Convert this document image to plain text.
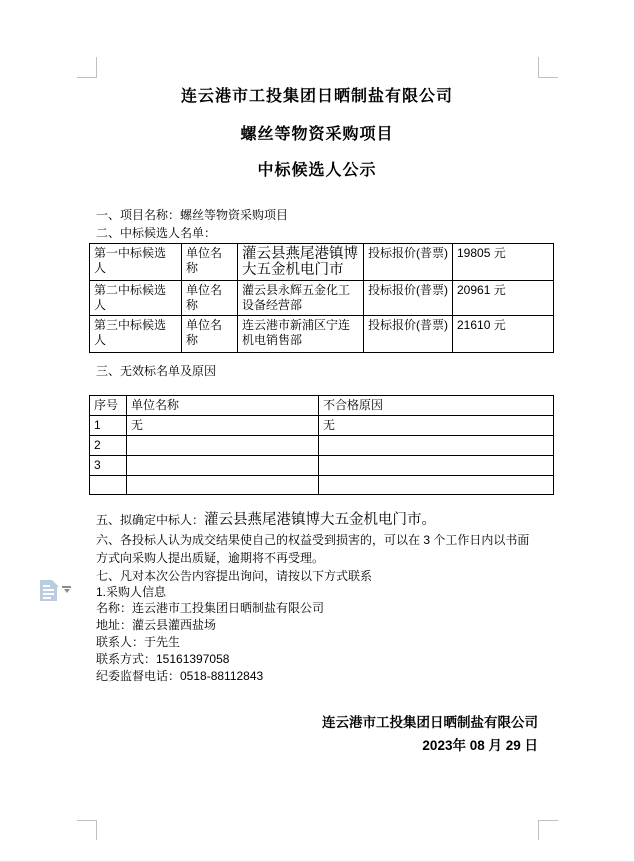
连云港市工投集团日晒制盐有限公司
螺丝等物资采购项目
中标候选人公示
一、项目名称：螺丝等物资采购项目
二、中标候选人名单：
第一中标候选人	单位名称	灌云县燕尾港镇博大五金机电门市	投标报价(普票)	19805 元
第二中标候选人	单位名称	灌云县永辉五金化工设备经营部	投标报价(普票)	20961 元
第三中标候选人	单位名称	连云港市新浦区宁连机电销售部	投标报价(普票)	21610 元
三、无效标名单及原因
序号	单位名称	不合格原因
1	无	无
2		
3		

五、拟确定中标人：灌云县燕尾港镇博大五金机电门市。
六、各投标人认为成交结果使自己的权益受到损害的，可以在 3 个工作日内以书面方式向采购人提出质疑，逾期将不再受理。
七、凡对本次公告内容提出询问，请按以下方式联系
1.采购人信息
名称：连云港市工投集团日晒制盐有限公司
地址：灌云县灌西盐场
联系人：于先生
联系方式：15161397058
纪委监督电话：0518-88112843
连云港市工投集团日晒制盐有限公司
2023年 08 月 29 日
